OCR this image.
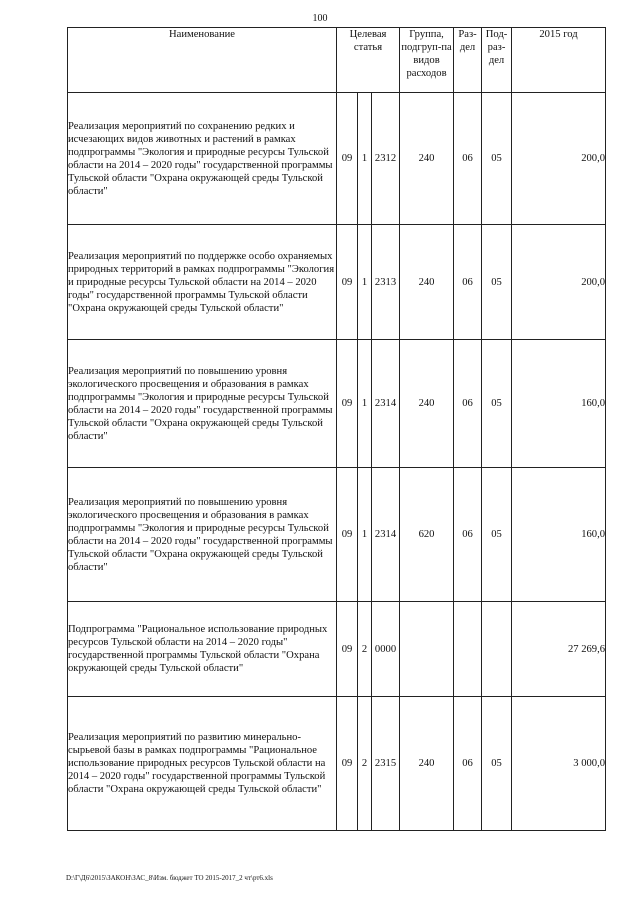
100
Наименование	Целевая статья			Группа, подгруп-па видов расходов	Раз-дел	Под-раз-дел	2015 год
Реализация мероприятий по сохранению редких и исчезающих видов животных и растений в рамках подпрограммы "Экология и природные ресурсы Тульской области на 2014 – 2020 годы" государственной программы Тульской области "Охрана окружающей среды Тульской области"	09	1	2312	240	06	05	200,0
Реализация мероприятий по поддержке особо охраняемых природных территорий в рамках подпрограммы "Экология и природные ресурсы Тульской области на 2014 – 2020 годы" государственной программы Тульской области "Охрана окружающей среды Тульской области"	09	1	2313	240	06	05	200,0
Реализация мероприятий по повышению уровня экологического просвещения и образования в рамках подпрограммы "Экология и природные ресурсы Тульской области на 2014 – 2020 годы" государственной программы Тульской области "Охрана окружающей среды Тульской области"	09	1	2314	240	06	05	160,0
Реализация мероприятий по повышению уровня экологического просвещения и образования в рамках подпрограммы "Экология и природные ресурсы Тульской области на 2014 – 2020 годы" государственной программы Тульской области "Охрана окружающей среды Тульской области"	09	1	2314	620	06	05	160,0
Подпрограмма "Рациональное использование природных ресурсов Тульской области на 2014 – 2020 годы" государственной программы Тульской области "Охрана окружающей среды Тульской области"	09	2	0000				27 269,6
Реализация мероприятий по развитию минерально-сырьевой базы в рамках подпрограммы "Рациональное использование природных ресурсов Тульской области на 2014 – 2020 годы" государственной программы Тульской области "Охрана окружающей среды Тульской области"	09	2	2315	240	06	05	3 000,0
D:\Г\Д6\2015\ЗАКОН\ЗАС_8\Изм. бюджет ТО 2015-2017_2 чт\рт6.xls
